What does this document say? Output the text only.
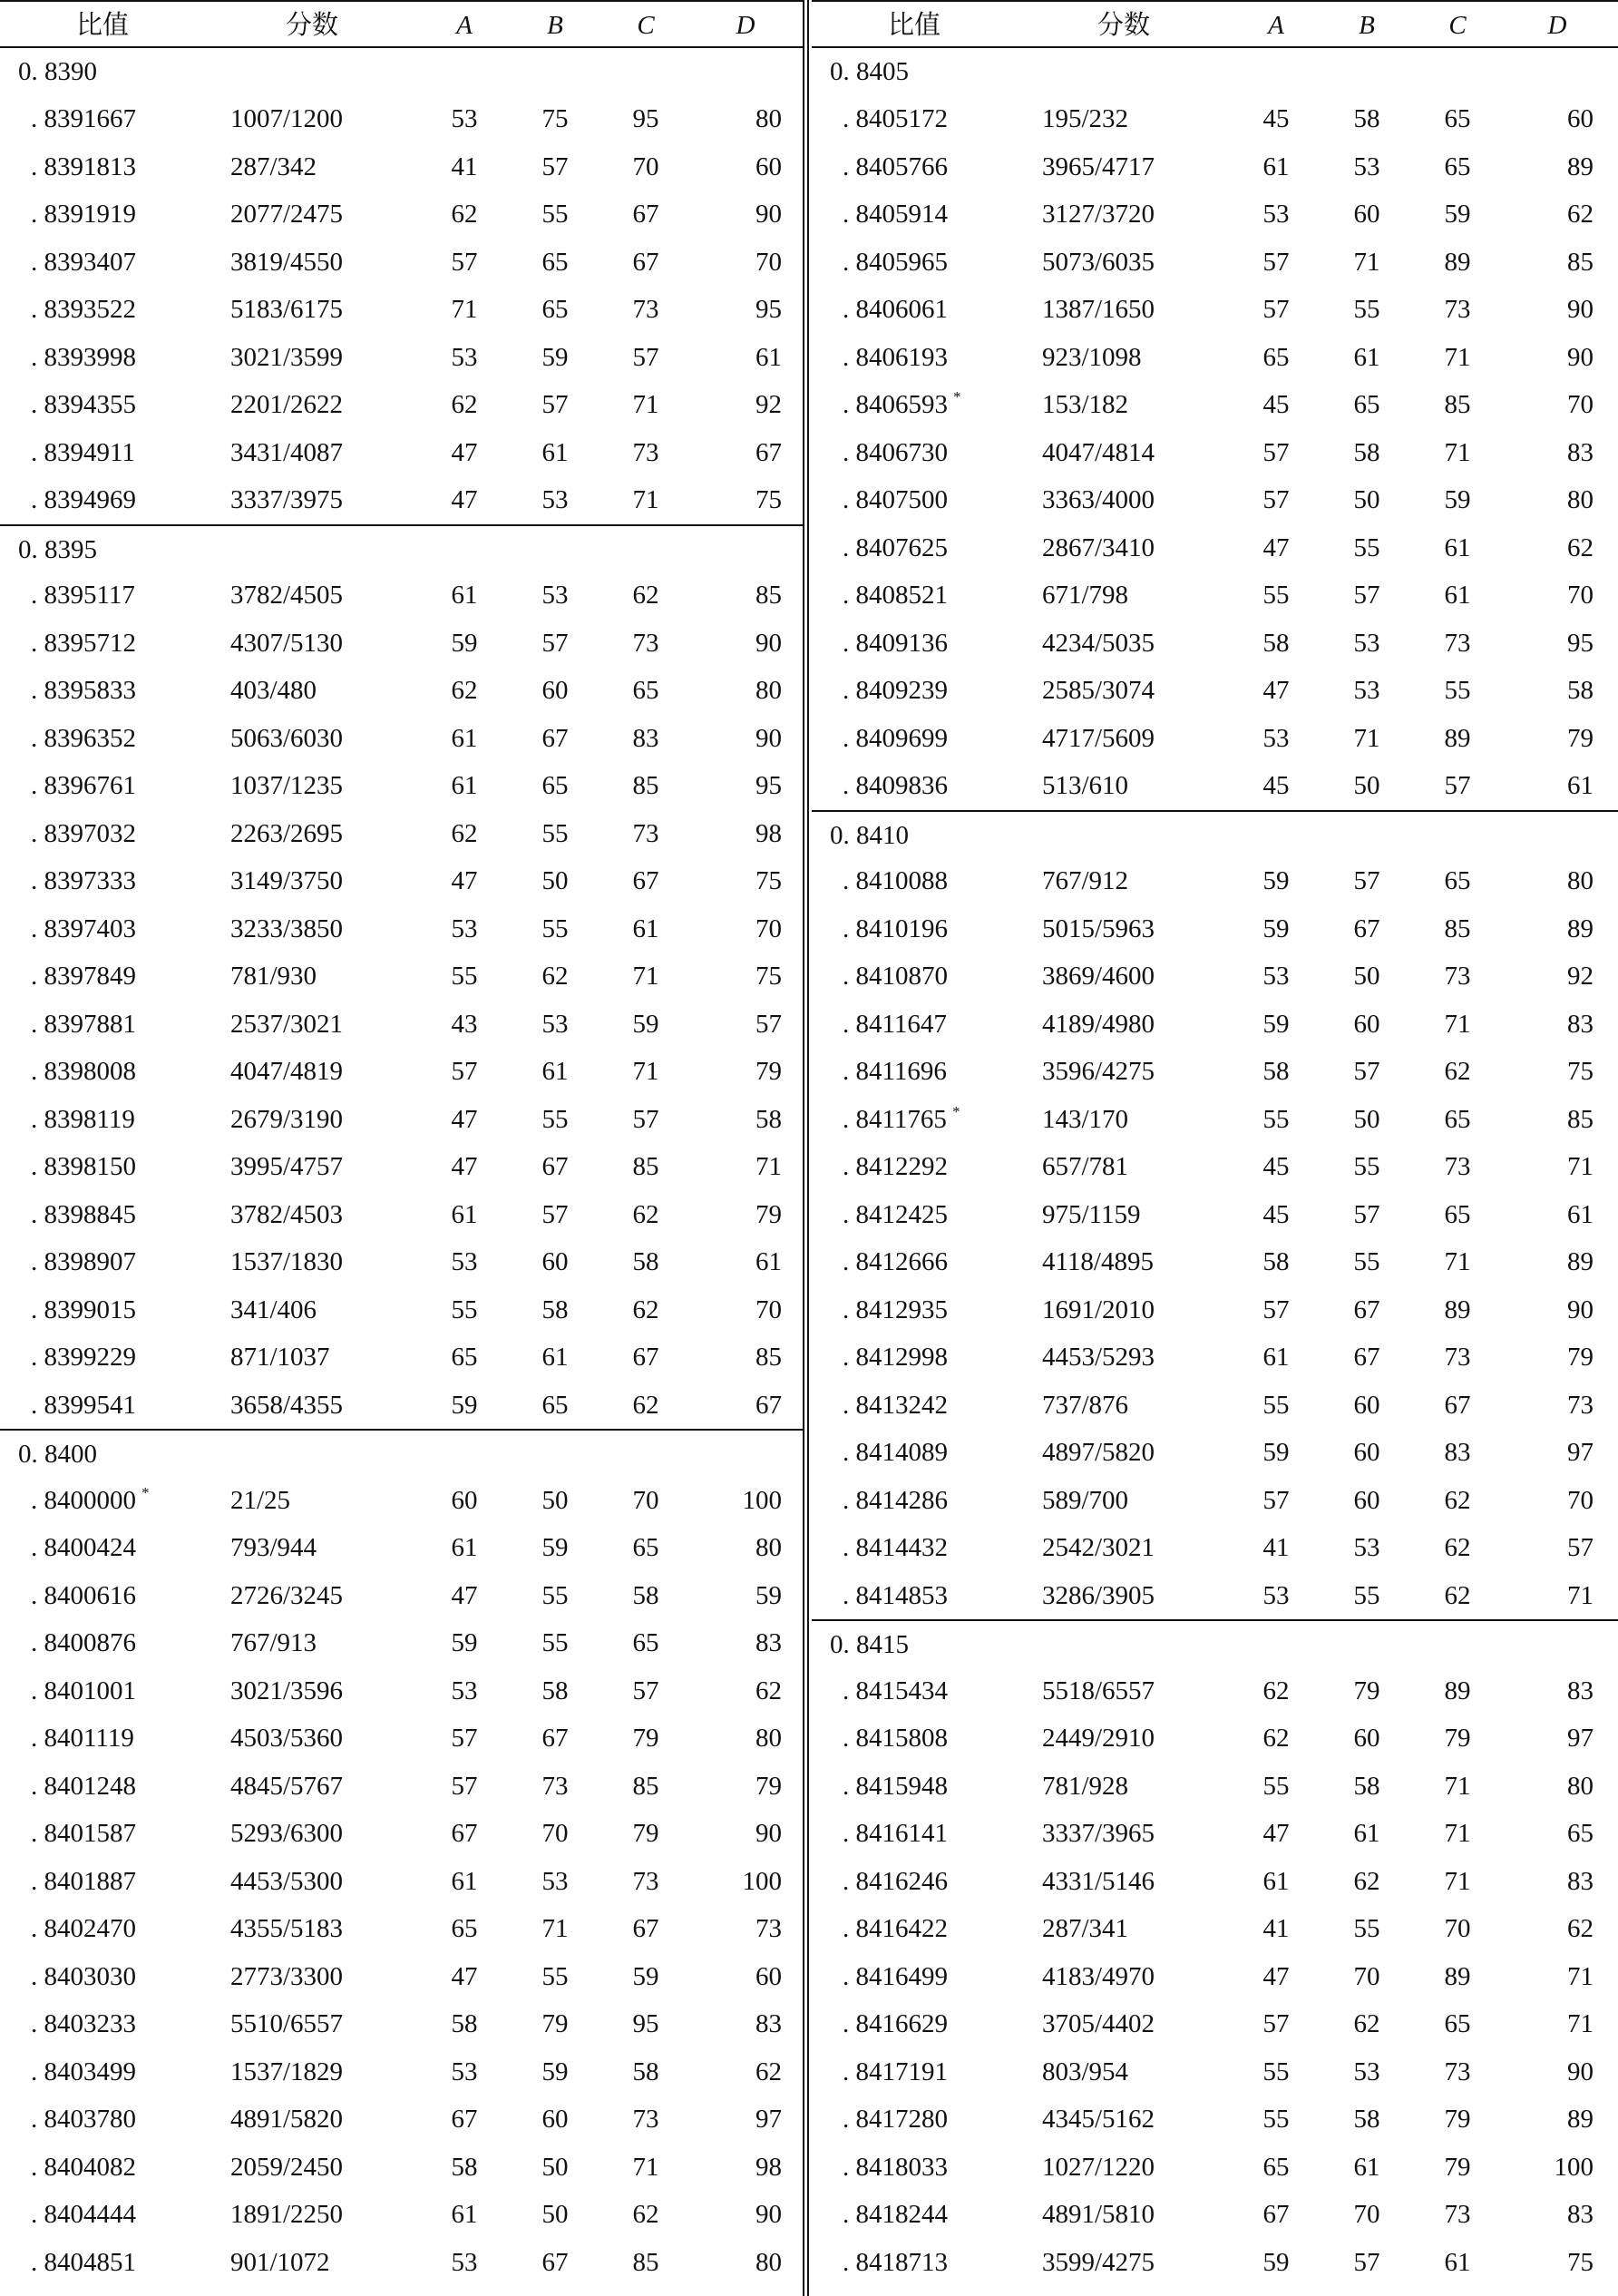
比值	分数	A	B	C	D
0. 8390
. 8391667	1007/1200	53 75 95	80
. 8391813	287/342	41 57 70	60
. 8391919	2077/2475	62 55 67	90
. 8393407	3819/4550	57 65 67	70
. 8393522	5183/6175	71 65 73	95
. 8393998	3021/3599	53 59 57	61
. 8394355	2201/2622	62 57 71	92
. 8394911	3431/4087	47 61 73	67
. 8394969	3337/3975	47 53 71	75
0. 8395
. 8395117	3782/4505	61 53 62	85
. 8395712	4307/5130	59 57 73	90
. 8395833	403/480	62 60 65	80
. 8396352	5063/6030	61 67 83	90
. 8396761	1037/1235	61 65 85	95
. 8397032	2263/2695	62 55 73	98
. 8397333	3149/3750	47 50 67	75
. 8397403	3233/3850	53 55 61	70
. 8397849	781/930	55 62 71	75
. 8397881	2537/3021	43 53 59	57
. 8398008	4047/4819	57 61 71	79
. 8398119	2679/3190	47 55 57	58
. 8398150	3995/4757	47 67 85	71
. 8398845	3782/4503	61 57 62	79
. 8398907	1537/1830	53 60 58	61
. 8399015	341/406	55 58 62	70
. 8399229	871/1037	65 61 67	85
. 8399541	3658/4355	59 65 62	67
0. 8400
. 8400000 *	21/25	60 50 70	100
. 8400424	793/944	61 59 65	80
. 8400616	2726/3245	47 55 58	59
. 8400876	767/913	59 55 65	83
. 8401001	3021/3596	53 58 57	62
. 8401119	4503/5360	57 67 79	80
. 8401248	4845/5767	57 73 85	79
. 8401587	5293/6300	67 70 79	90
. 8401887	4453/5300	61 53 73	100
. 8402470	4355/5183	65 71 67	73
. 8403030	2773/3300	47 55 59	60
. 8403233	5510/6557	58 79 95	83
. 8403499	1537/1829	53 59 58	62
. 8403780	4891/5820	67 60 73	97
. 8404082	2059/2450	58 50 71	98
. 8404444	1891/2250	61 50 62	90
. 8404851	901/1072	53 67 85	80
比值	分数	A	B	C	D
0. 8405
. 8405172	195/232	45 58 65	60
. 8405766	3965/4717	61 53 65	89
. 8405914	3127/3720	53 60 59	62
. 8405965	5073/6035	57 71 89	85
. 8406061	1387/1650	57 55 73	90
. 8406193	923/1098	65 61 71	90
. 8406593 *	153/182	45 65 85	70
. 8406730	4047/4814	57 58 71	83
. 8407500	3363/4000	57 50 59	80
. 8407625	2867/3410	47 55 61	62
. 8408521	671/798	55 57 61	70
. 8409136	4234/5035	58 53 73	95
. 8409239	2585/3074	47 53 55	58
. 8409699	4717/5609	53 71 89	79
. 8409836	513/610	45 50 57	61
0. 8410
. 8410088	767/912	59 57 65	80
. 8410196	5015/5963	59 67 85	89
. 8410870	3869/4600	53 50 73	92
. 8411647	4189/4980	59 60 71	83
. 8411696	3596/4275	58 57 62	75
. 8411765 *	143/170	55 50 65	85
. 8412292	657/781	45 55 73	71
. 8412425	975/1159	45 57 65	61
. 8412666	4118/4895	58 55 71	89
. 8412935	1691/2010	57 67 89	90
. 8412998	4453/5293	61 67 73	79
. 8413242	737/876	55 60 67	73
. 8414089	4897/5820	59 60 83	97
. 8414286	589/700	57 60 62	70
. 8414432	2542/3021	41 53 62	57
. 8414853	3286/3905	53 55 62	71
0. 8415
. 8415434	5518/6557	62 79 89	83
. 8415808	2449/2910	62 60 79	97
. 8415948	781/928	55 58 71	80
. 8416141	3337/3965	47 61 71	65
. 8416246	4331/5146	61 62 71	83
. 8416422	287/341	41 55 70	62
. 8416499	4183/4970	47 70 89	71
. 8416629	3705/4402	57 62 65	71
. 8417191	803/954	55 53 73	90
. 8417280	4345/5162	55 58 79	89
. 8418033	1027/1220	65 61 79	100
. 8418244	4891/5810	67 70 73	83
. 8418713	3599/4275	59 57 61	75
